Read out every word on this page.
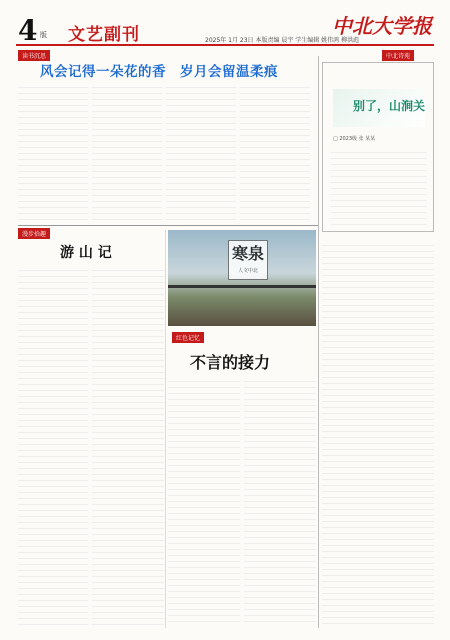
4 版 文艺副刊	2025年 1月 23日 本版责编 晨宇 学生编辑 姚伟鸿 柳洪彪
中北大学报
读书沉思	中北诗苑
漫步拾趣
红色记忆
风会记得一朵花的香　岁月会留温柔痕
别了，山涧关
□ 2023级 张 某某
游 山 记	寒泉
人文中北
不言的接力
